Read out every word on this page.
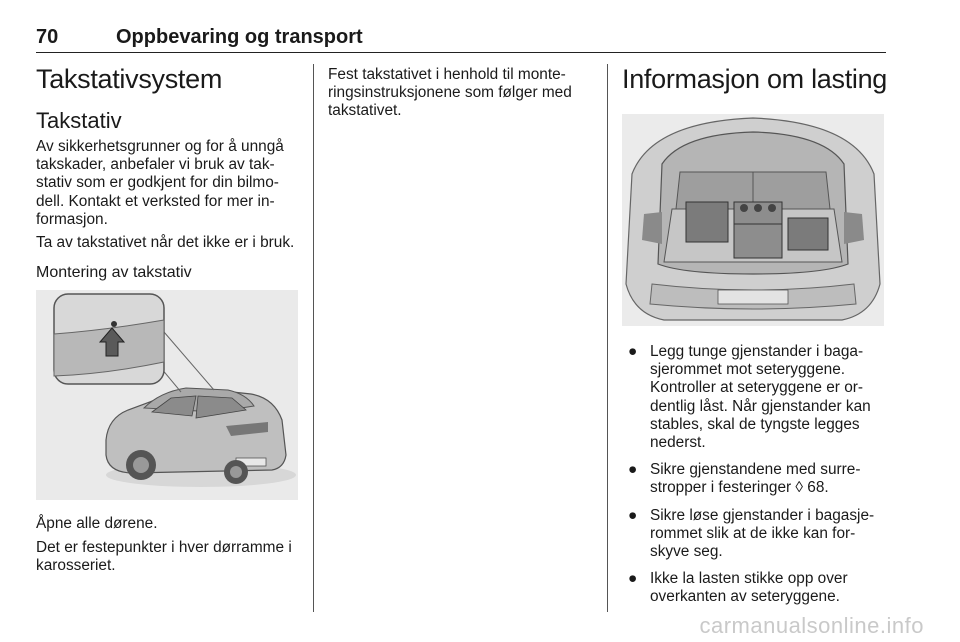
70	Oppbevaring og transport
Takstativsystem
Takstativ

Av sikkerhetsgrunner og for å unngå takskader, anbefaler vi bruk av tak-stativ som er godkjent for din bilmo-dell. Kontakt et verksted for mer in-formasjon.

Ta av takstativet når det ikke er i bruk.

Montering av takstativ

Åpne alle dørene.

Det er festepunkter i hver dørramme i karosseriet.

Fest takstativet i henhold til monte-ringsinstruksjonene som følger med takstativet.

Informasjon om lasting
● Legg tunge gjenstander i baga-sjerommet mot seteryggene. Kontroller at seteryggene er or-dentlig låst. Når gjenstander kan stables, skal de tyngste legges nederst.
● Sikre gjenstandene med surre-stropper i festeringer ◊ 68.
● Sikre løse gjenstander i bagasje-rommet slik at de ikke kan for-skyve seg.
● Ikke la lasten stikke opp over overkanten av seteryggene.
carmanualsonline.info
